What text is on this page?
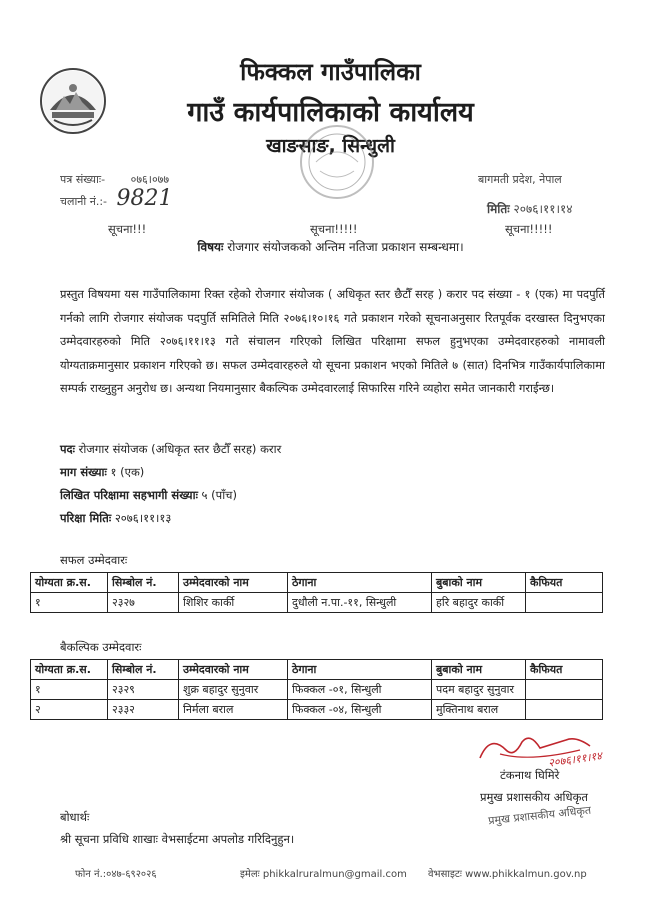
फिक्कल गाउँपालिका
गाउँ कार्यपालिकाको कार्यालय
खाङसाङ, सिन्धुली
पत्र संख्याः- ०७६।०७७
चलानी नं.:- 9821
बागमती प्रदेश, नेपाल
मितिः २०७६।११।१४
सूचना!!!	सूचना!!!!!	सूचना!!!!!
विषयः रोजगार संयोजकको अन्तिम नतिजा प्रकाशन सम्बन्धमा।
प्रस्तुत विषयमा यस गाउँपालिकामा रिक्त रहेको रोजगार संयोजक ( अधिकृत स्तर छैटौँ सरह ) करार पद संख्या - १ (एक) मा पदपुर्ति गर्नको लागि रोजगार संयोजक पदपुर्ति समितिले मिति २०७६।१०।१६ गते प्रकाशन गरेको सूचनाअनुसार रितपूर्वक दरखास्त दिनुभएका उम्मेदवारहरुको मिति २०७६।११।१३ गते संचालन गरिएको लिखित परिक्षामा सफल हुनुभएका उम्मेदवारहरुको नामावली योग्यताक्रमानुसार प्रकाशन गरिएको छ। सफल उम्मेदवारहरुले यो सूचना प्रकाशन भएको मितिले ७ (सात) दिनभित्र गाउँकार्यपालिकामा सम्पर्क राख्नुहुन अनुरोध छ। अन्यथा नियमानुसार बैकल्पिक उम्मेदवारलाई सिफारिस गरिने व्यहोरा समेत जानकारी गराईन्छ।
पदः रोजगार संयोजक (अधिकृत स्तर छैटौँ सरह) करार
माग संख्याः १ (एक)
लिखित परिक्षामा सहभागी संख्याः ५ (पाँच)
परिक्षा मितिः २०७६।११।१३
सफल उम्मेदवारः
योग्यता क्र.स.	सिम्बोल नं.	उम्मेदवारको नाम	ठेगाना	बुबाको नाम	कैफियत
१	२३२७	शिशिर कार्की	दुधौली न.पा.-११, सिन्धुली	हरि बहादुर कार्की	
बैकल्पिक उम्मेदवारः
योग्यता क्र.स.	सिम्बोल नं.	उम्मेदवारको नाम	ठेगाना	बुबाको नाम	कैफियत
१	२३२९	शुक्र बहादुर सुनुवार	फिक्कल -०१, सिन्धुली	पदम बहादुर सुनुवार	
२	२३३२	निर्मला बराल	फिक्कल -०४, सिन्धुली	मुक्तिनाथ बराल	
२०७६।११।१४
टंकनाथ घिमिरे
प्रमुख प्रशासकीय अधिकृत
प्रमुख प्रशासकीय अधिकृत
बोधार्थः
श्री सूचना प्रविधि शाखाः वेभसाईटमा अपलोड गरिदिनुहुन।
फोन नं.:०४७-६९२०२६	इमेलः phikkalruralmun@gmail.com वेभसाइटः www.phikkalmun.gov.np
